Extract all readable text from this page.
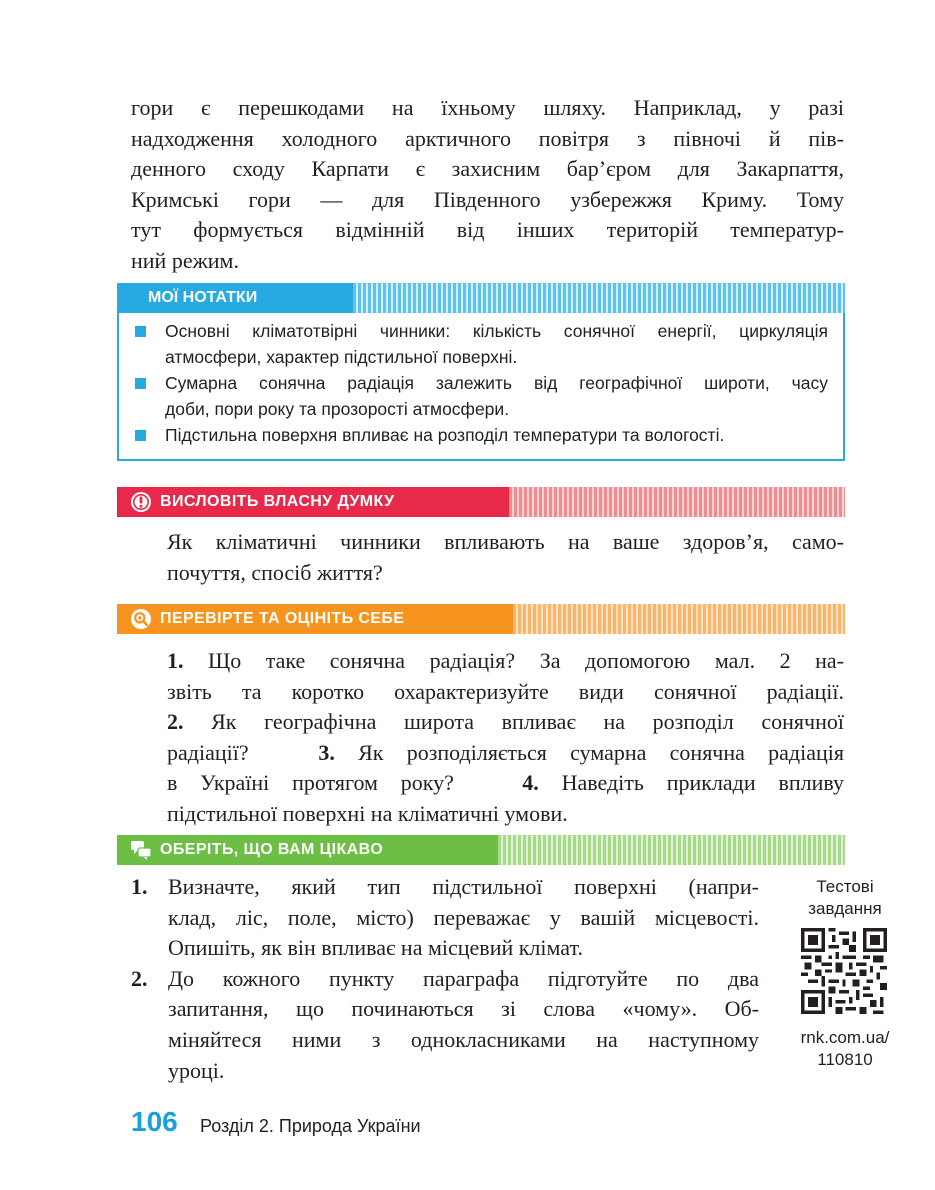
гори є перешкодами на їхньому шляху. Наприклад, у разі
надходження холодного арктичного повітря з півночі й пів-
денного сходу Карпати є захисним бар’єром для Закарпаття,
Кримські гори — для Південного узбережжя Криму. Тому
тут формується відмінній від інших територій температур-
ний режим.
МОЇ НОТАТКИ
Основні кліматотвірні чинники: кількість сонячної енергії, циркуляція
атмосфери, характер підстильної поверхні.
Сумарна сонячна радіація залежить від географічної широти, часу
доби, пори року та прозорості атмосфери.
Підстильна поверхня впливає на розподіл температури та вологості.
ВИСЛОВІТЬ ВЛАСНУ ДУМКУ
Як кліматичні чинники впливають на ваше здоров’я, само-
почуття, спосіб життя?
ПЕРЕВІРТЕ ТА ОЦІНІТЬ СЕБЕ
1. Що таке сонячна радіація? За допомогою мал. 2 на-
звіть та коротко охарактеризуйте види сонячної радіації.
2. Як географічна широта впливає на розподіл сонячної
радіації?	3. Як розподіляється сумарна сонячна радіація
в Україні протягом року?	4. Наведіть приклади впливу
підстильної поверхні на кліматичні умови.
ОБЕРІТЬ, ЩО ВАМ ЦІКАВО
1. Визначте, який тип підстильної поверхні (напри-
клад, ліс, поле, місто) переважає у вашій місцевості.
Опишіть, як він впливає на місцевий клімат.
2. До кожного пункту параграфа підготуйте по два
запитання, що починаються зі слова «чому». Об-
міняйтеся ними з однокласниками на наступному
уроці.
Тестові
завдання
rnk.com.ua/
110810
106 Розділ 2. Природа України
